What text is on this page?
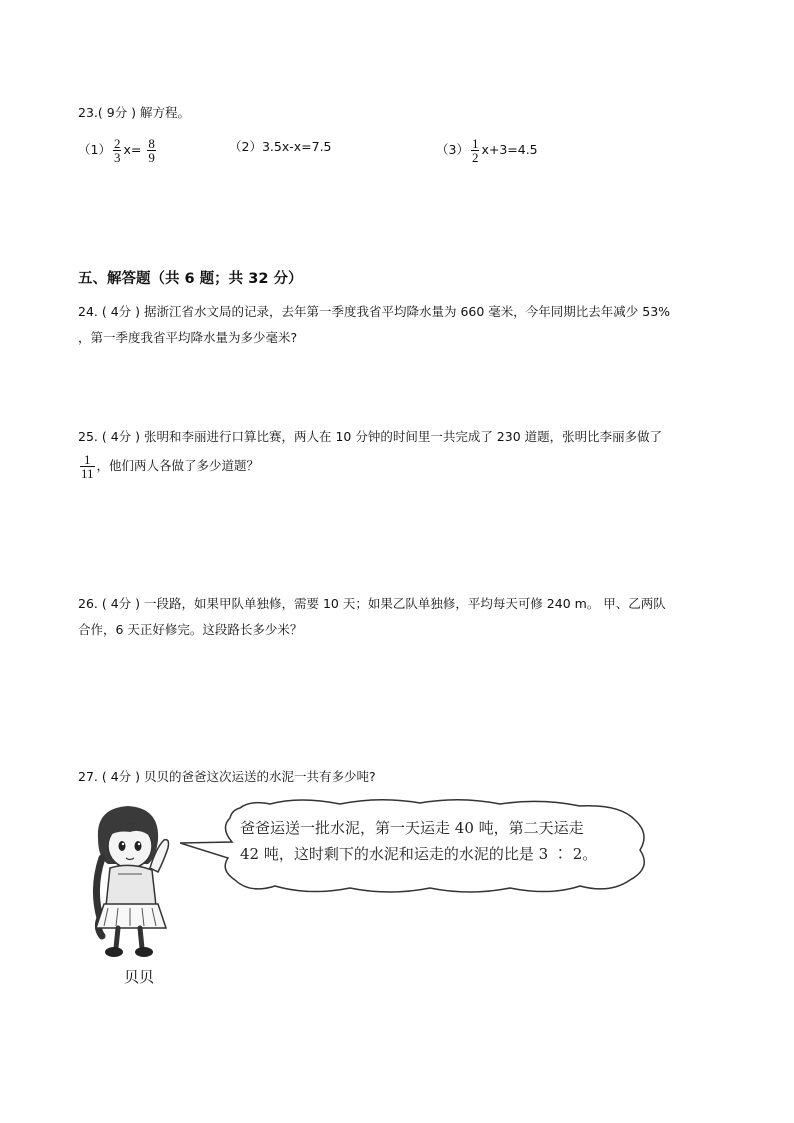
23.( 9分 ) 解方程。
$(1) \frac{2}{3} x= \frac{8}{9}$	（2）3.5x-x=7.5	$(3) \frac{1}{2} x+3=4.5$
五、解答题（共 6 题；共 32 分）
24. ( 4分 ) 据浙江省水文局的记录，去年第一季度我省平均降水量为 660 毫米，今年同期比去年减少 53%
，第一季度我省平均降水量为多少毫米?
25. ( 4分 ) 张明和李丽进行口算比赛，两人在 10 分钟的时间里一共完成了 230 道题，张明比李丽多做了
$\frac{1}{11}$ ，他们两人各做了多少道题？
26. ( 4分 ) 一段路，如果甲队单独修，需要 10 天；如果乙队单独修，平均每天可修 240 m。 甲、乙两队
合作，6 天正好修完。这段路长多少米？
27. ( 4分 ) 贝贝的爸爸这次运送的水泥一共有多少吨?
贝贝
爸爸运送一批水泥，第一天运走 40 吨，第二天运走
42 吨，这时剩下的水泥和运走的水泥的比是 3 ∶ 2。
